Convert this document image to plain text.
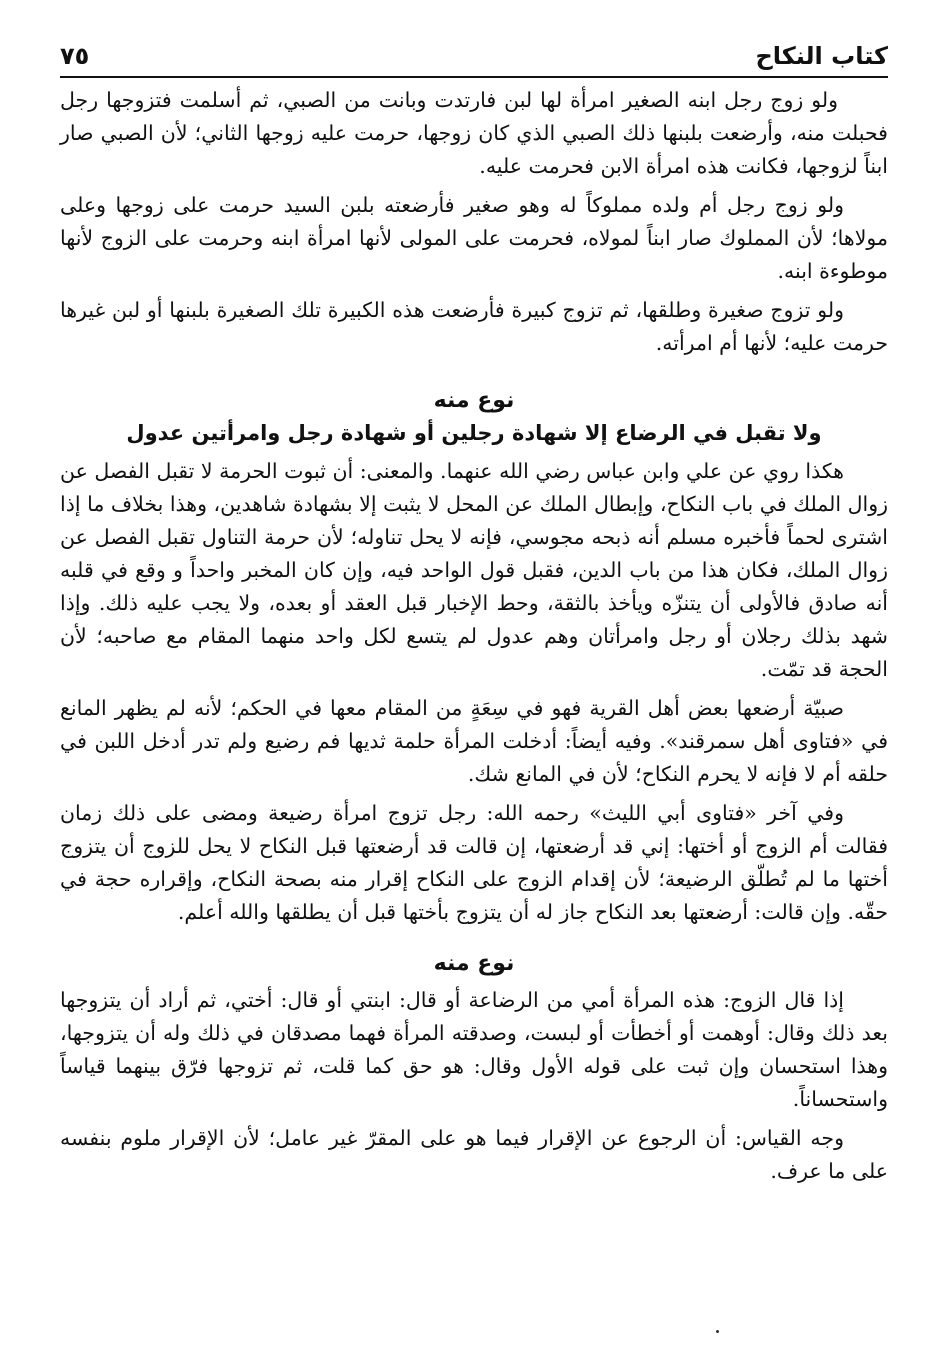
كتاب النكاح
٧٥

ولو زوج رجل ابنه الصغير امرأة لها لبن فارتدت وبانت من الصبي، ثم أسلمت فتزوجها رجل فحبلت منه، وأرضعت بلبنها ذلك الصبي الذي كان زوجها، حرمت عليه زوجها الثاني؛ لأن الصبي صار ابناً لزوجها، فكانت هذه امرأة الابن فحرمت عليه.

ولو زوج رجل أم ولده مملوكاً له وهو صغير فأرضعته بلبن السيد حرمت على زوجها وعلى مولاها؛ لأن المملوك صار ابناً لمولاه، فحرمت على المولى لأنها امرأة ابنه وحرمت على الزوج لأنها موطوءة ابنه.

ولو تزوج صغيرة وطلقها، ثم تزوج كبيرة فأرضعت هذه الكبيرة تلك الصغيرة بلبنها أو لبن غيرها حرمت عليه؛ لأنها أم امرأته.

نوع منه
ولا تقبل في الرضاع إلا شهادة رجلين أو شهادة رجل وامرأتين عدول

هكذا روي عن علي وابن عباس رضي الله عنهما. والمعنى: أن ثبوت الحرمة لا تقبل الفصل عن زوال الملك في باب النكاح، وإبطال الملك عن المحل لا يثبت إلا بشهادة شاهدين، وهذا بخلاف ما إذا اشترى لحماً فأخبره مسلم أنه ذبحه مجوسي، فإنه لا يحل تناوله؛ لأن حرمة التناول تقبل الفصل عن زوال الملك، فكان هذا من باب الدين، فقبل قول الواحد فيه، وإن كان المخبر واحداً و وقع في قلبه أنه صادق فالأولى أن يتنزّه ويأخذ بالثقة، وحط الإخبار قبل العقد أو بعده، ولا يجب عليه ذلك. وإذا شهد بذلك رجلان أو رجل وامرأتان وهم عدول لم يتسع لكل واحد منهما المقام مع صاحبه؛ لأن الحجة قد تمّت.

صبيّة أرضعها بعض أهل القرية فهو في سِعَةٍ من المقام معها في الحكم؛ لأنه لم يظهر المانع في «فتاوى أهل سمرقند». وفيه أيضاً: أدخلت المرأة حلمة ثديها فم رضيع ولم تدر أدخل اللبن في حلقه أم لا فإنه لا يحرم النكاح؛ لأن في المانع شك.

وفي آخر «فتاوى أبي الليث» رحمه الله: رجل تزوج امرأة رضيعة ومضى على ذلك زمان فقالت أم الزوج أو أختها: إني قد أرضعتها، إن قالت قد أرضعتها قبل النكاح لا يحل للزوج أن يتزوج أختها ما لم تُطلّق الرضيعة؛ لأن إقدام الزوج على النكاح إقرار منه بصحة النكاح، وإقراره حجة في حقّه. وإن قالت: أرضعتها بعد النكاح جاز له أن يتزوج بأختها قبل أن يطلقها والله أعلم.

نوع منه

إذا قال الزوج: هذه المرأة أمي من الرضاعة أو قال: ابنتي أو قال: أختي، ثم أراد أن يتزوجها بعد ذلك وقال: أوهمت أو أخطأت أو لبست، وصدقته المرأة فهما مصدقان في ذلك وله أن يتزوجها، وهذا استحسان وإن ثبت على قوله الأول وقال: هو حق كما قلت، ثم تزوجها فرّق بينهما قياساً واستحساناً.

وجه القياس: أن الرجوع عن الإقرار فيما هو على المقرّ غير عامل؛ لأن الإقرار ملوم بنفسه على ما عرف.
